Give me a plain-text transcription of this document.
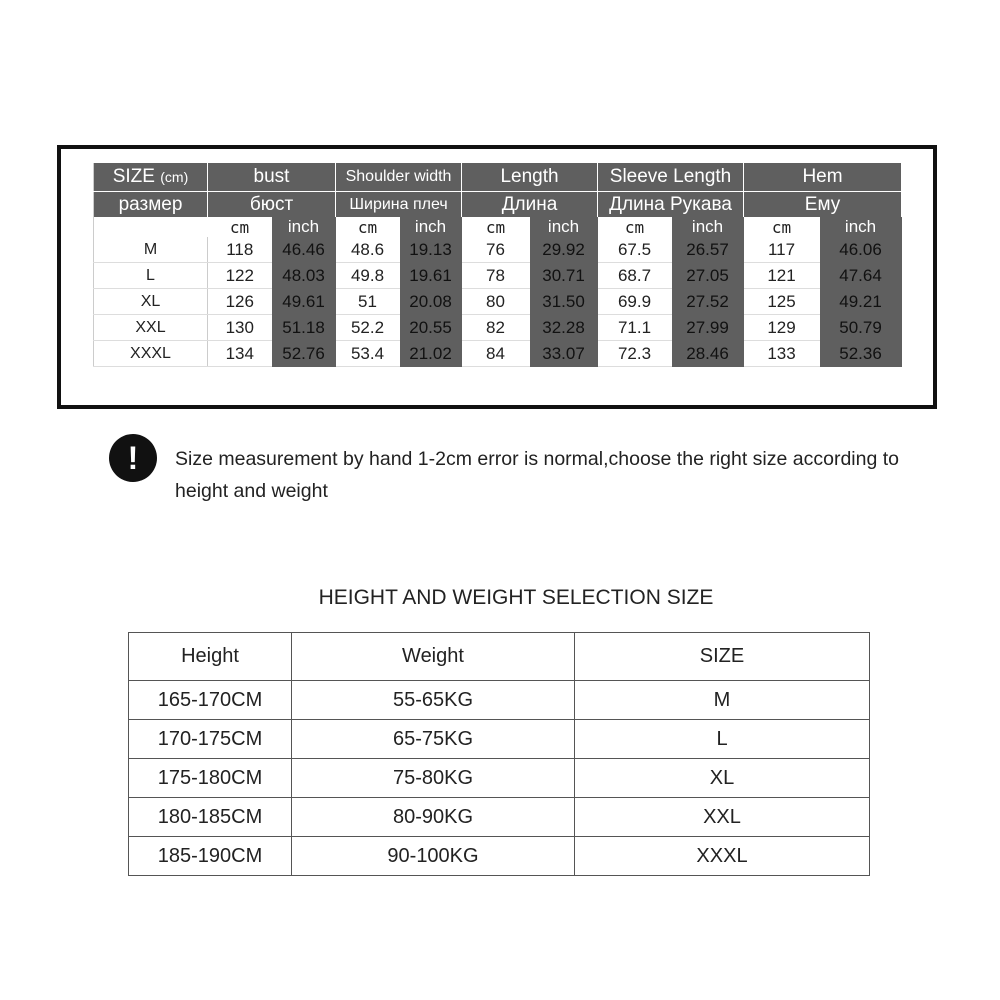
SIZE (cm)	bust		Shoulder width		Length		Sleeve Length		Hem	
размер	бюст		Ширина плеч		Длина		Длина Рукава		Ему	
	cm	inch	cm	inch	cm	inch	cm	inch	cm	inch
M	118	46.46	48.6	19.13	76	29.92	67.5	26.57	117	46.06
L	122	48.03	49.8	19.61	78	30.71	68.7	27.05	121	47.64
XL	126	49.61	51	20.08	80	31.50	69.9	27.52	125	49.21
XXL	130	51.18	52.2	20.55	82	32.28	71.1	27.99	129	50.79
XXXL	134	52.76	53.4	21.02	84	33.07	72.3	28.46	133	52.36
!	Size measurement by hand 1-2cm error is normal,choose the right size according to height and weight
HEIGHT AND WEIGHT SELECTION SIZE
Height	Weight	SIZE
165-170CM	55-65KG	M
170-175CM	65-75KG	L
175-180CM	75-80KG	XL
180-185CM	80-90KG	XXL
185-190CM	90-100KG	XXXL
